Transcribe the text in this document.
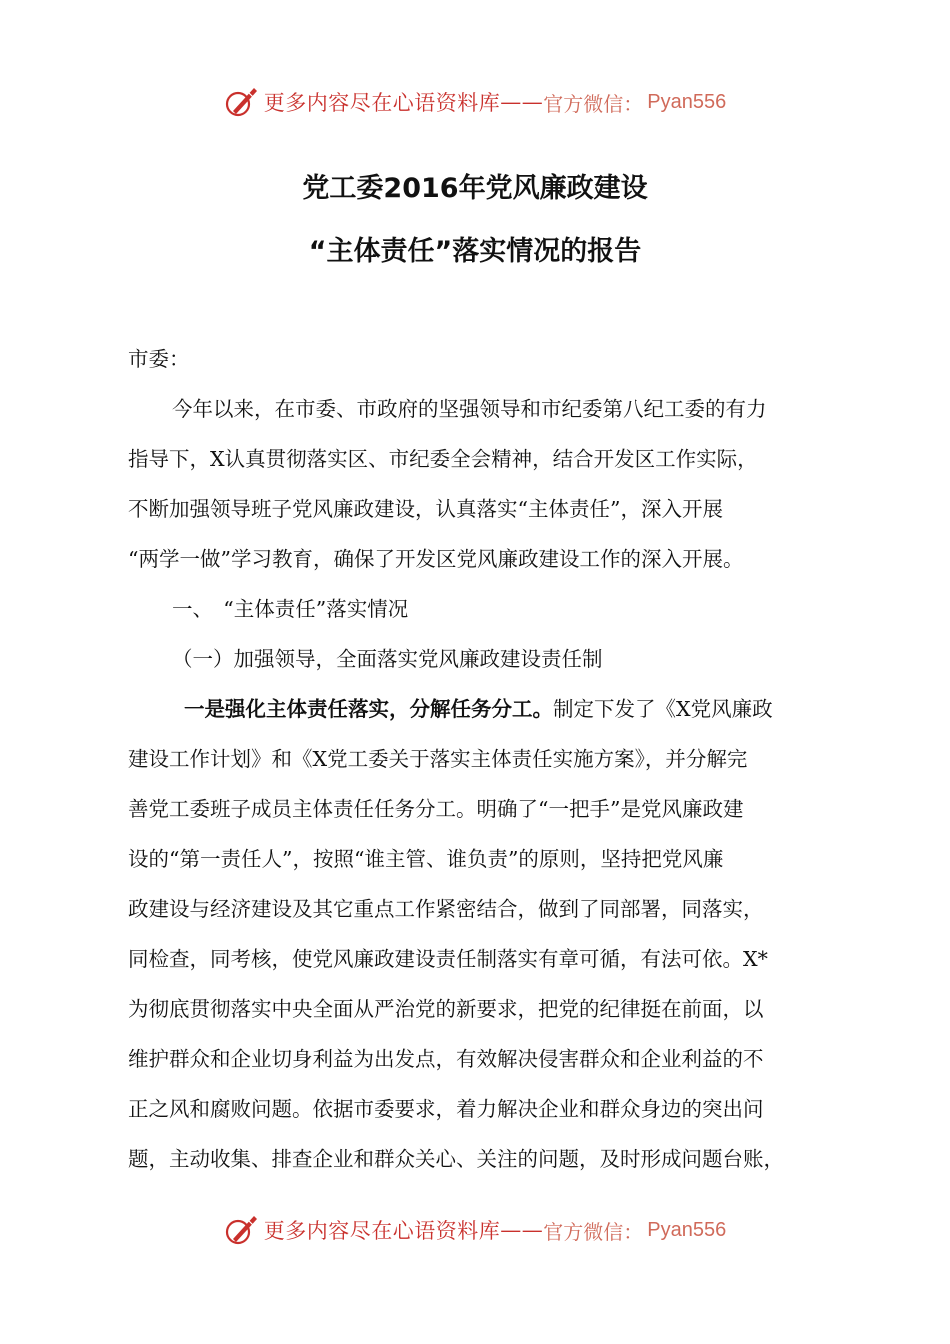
更多内容尽在心语资料库 —— 官方微信： Pyan556
党工委2016年党风廉政建设
“主体责任”落实情况的报告
市委：
今年以来，在市委、市政府的坚强领导和市纪委第八纪工委的有力
指导下，X认真贯彻落实区、市纪委全会精神，结合开发区工作实际，
不断加强领导班子党风廉政建设，认真落实“主体责任”，深入开展
“两学一做”学习教育，确保了开发区党风廉政建设工作的深入开展。
一、　“主体责任”落实情况
（一）加强领导，全面落实党风廉政建设责任制
一是强化主体责任落实，分解任务分工。制定下发了《X党风廉政
建设工作计划》和《X党工委关于落实主体责任实施方案》，并分解完
善党工委班子成员主体责任任务分工。明确了“一把手”是党风廉政建
设的“第一责任人”，按照“谁主管、谁负责”的原则，坚持把党风廉
政建设与经济建设及其它重点工作紧密结合，做到了同部署，同落实，
同检查，同考核，使党风廉政建设责任制落实有章可循，有法可依。X*
为彻底贯彻落实中央全面从严治党的新要求，把党的纪律挺在前面，以
维护群众和企业切身利益为出发点，有效解决侵害群众和企业利益的不
正之风和腐败问题。依据市委要求，着力解决企业和群众身边的突出问
题，主动收集、排查企业和群众关心、关注的问题，及时形成问题台账，
更多内容尽在心语资料库 —— 官方微信： Pyan556
